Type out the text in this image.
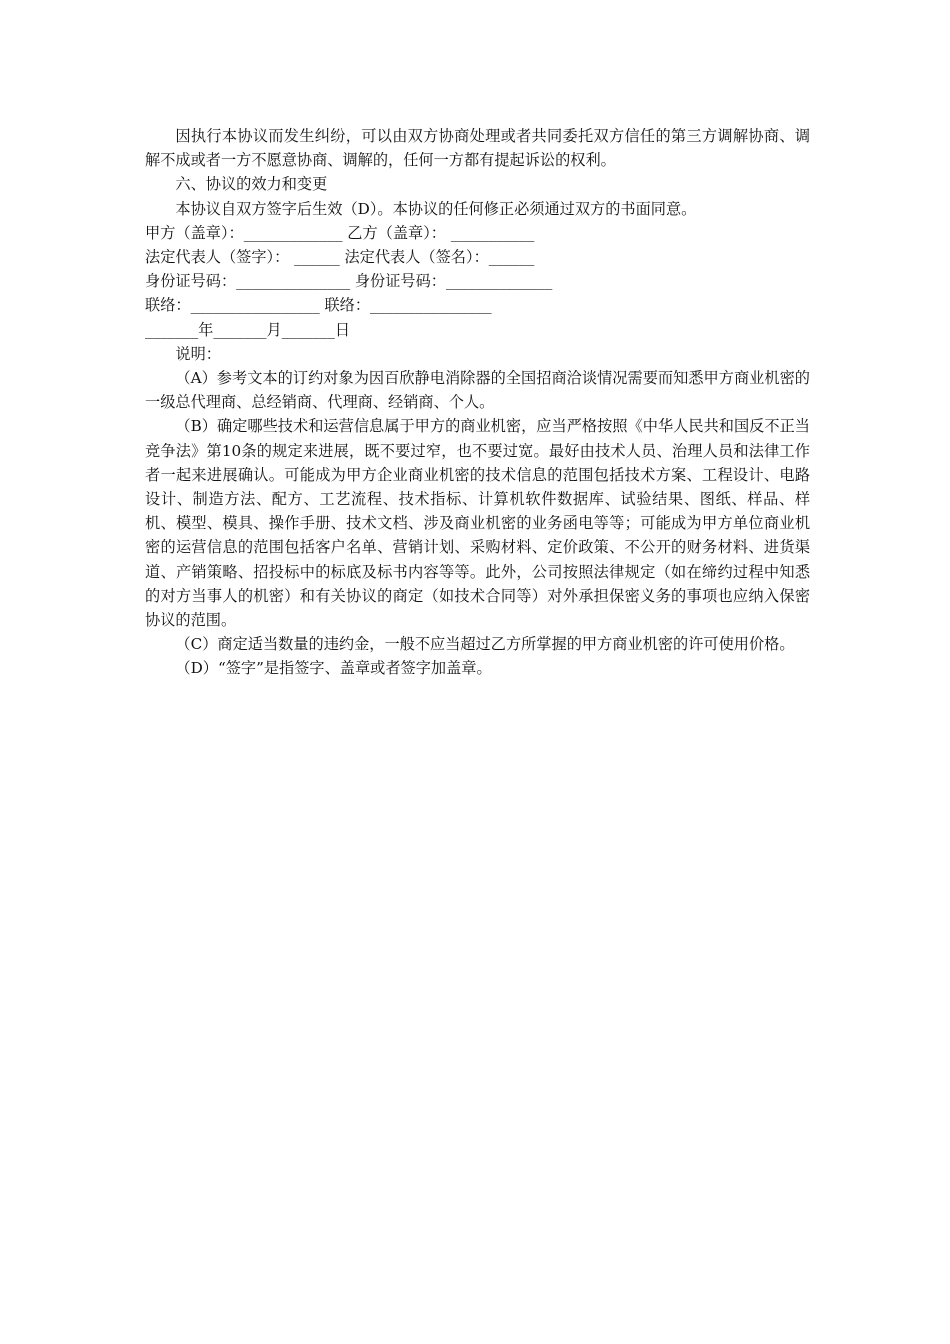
因执行本协议而发生纠纷，可以由双方协商处理或者共同委托双方信任的第三方调解协商、调解不成或者一方不愿意协商、调解的，任何一方都有提起诉讼的权利。

六、协议的效力和变更

本协议自双方签字后生效（D）。本协议的任何修正必须通过双方的书面同意。

甲方（盖章）：_____________ 乙方（盖章）： ___________

法定代表人（签字）： ______ 法定代表人（签名）：______

身份证号码：_______________ 身份证号码：______________

联络：_________________ 联络：________________

_______年_______月_______日

说明：

（A）参考文本的订约对象为因百欣静电消除器的全国招商洽谈情况需要而知悉甲方商业机密的一级总代理商、总经销商、代理商、经销商、个人。

（B）确定哪些技术和运营信息属于甲方的商业机密，应当严格按照《中华人民共和国反不正当竞争法》第10条的规定来进展，既不要过窄，也不要过宽。最好由技术人员、治理人员和法律工作者一起来进展确认。可能成为甲方企业商业机密的技术信息的范围包括技术方案、工程设计、电路设计、制造方法、配方、工艺流程、技术指标、计算机软件数据库、试验结果、图纸、样品、样机、模型、模具、操作手册、技术文档、涉及商业机密的业务函电等等；可能成为甲方单位商业机密的运营信息的范围包括客户名单、营销计划、采购材料、定价政策、不公开的财务材料、进货渠道、产销策略、招投标中的标底及标书内容等等。此外，公司按照法律规定（如在缔约过程中知悉的对方当事人的机密）和有关协议的商定（如技术合同等）对外承担保密义务的事项也应纳入保密协议的范围。

（C）商定适当数量的违约金，一般不应当超过乙方所掌握的甲方商业机密的许可使用价格。

（D）“签字”是指签字、盖章或者签字加盖章。
